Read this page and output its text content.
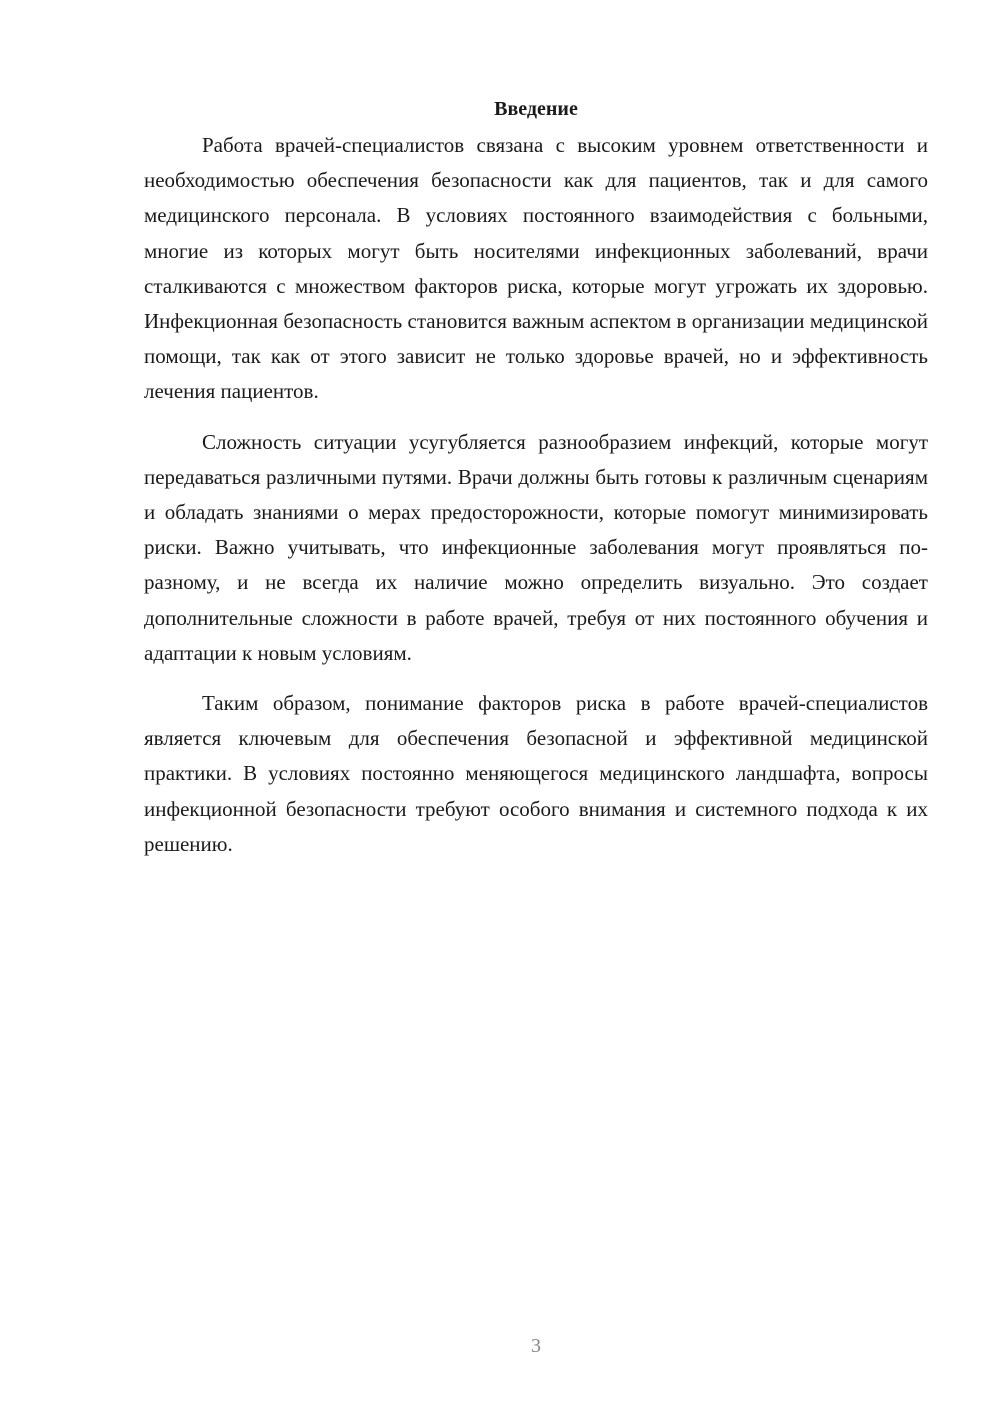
Введение

Работа врачей-специалистов связана с высоким уровнем ответственности и необходимостью обеспечения безопасности как для пациентов, так и для самого медицинского персонала. В условиях постоянного взаимодействия с больными, многие из которых могут быть носителями инфекционных заболеваний, врачи сталкиваются с множеством факторов риска, которые могут угрожать их здоровью. Инфекционная безопасность становится важным аспектом в организации медицинской помощи, так как от этого зависит не только здоровье врачей, но и эффективность лечения пациентов.

Сложность ситуации усугубляется разнообразием инфекций, которые могут передаваться различными путями. Врачи должны быть готовы к различным сценариям и обладать знаниями о мерах предосторожности, которые помогут минимизировать риски. Важно учитывать, что инфекционные заболевания могут проявляться по-разному, и не всегда их наличие можно определить визуально. Это создает дополнительные сложности в работе врачей, требуя от них постоянного обучения и адаптации к новым условиям.

Таким образом, понимание факторов риска в работе врачей-специалистов является ключевым для обеспечения безопасной и эффективной медицинской практики. В условиях постоянно меняющегося медицинского ландшафта, вопросы инфекционной безопасности требуют особого внимания и системного подхода к их решению.

3
